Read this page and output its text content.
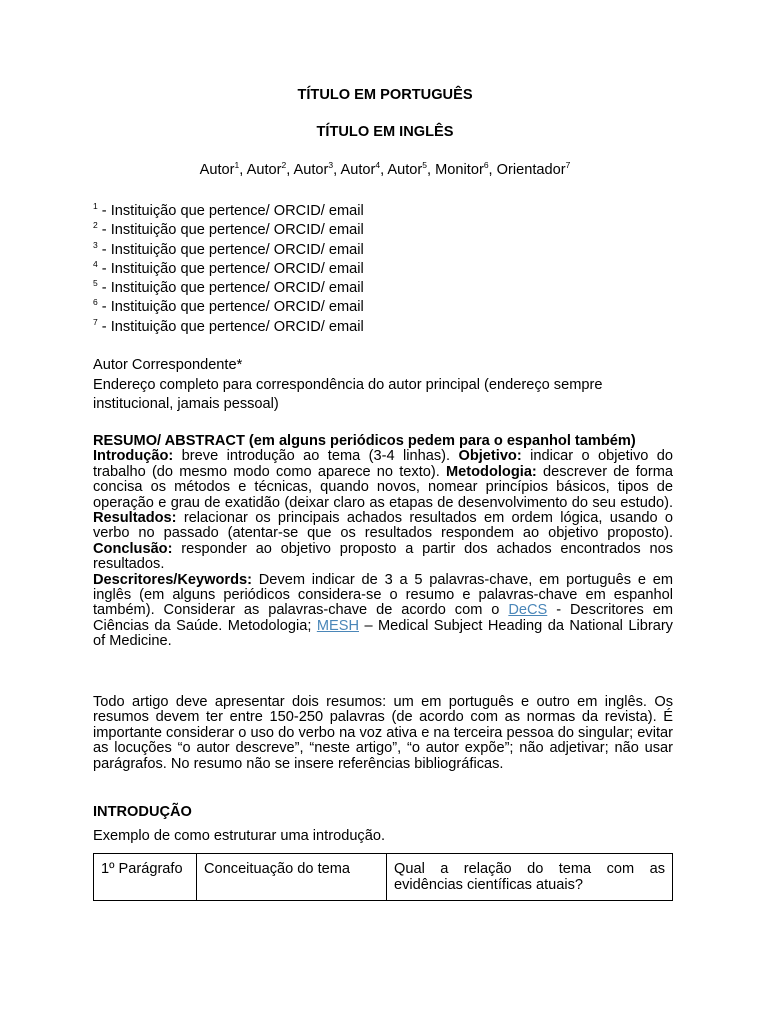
TÍTULO EM PORTUGUÊS
TÍTULO EM INGLÊS
Autor$^1$, Autor$^2$, Autor$^3$, Autor$^4$, Autor$^5$, Monitor$^6$, Orientador$^7$
$^1$ - Instituição que pertence/ ORCID/ email
$^2$ - Instituição que pertence/ ORCID/ email
$^3$ - Instituição que pertence/ ORCID/ email
$^4$ - Instituição que pertence/ ORCID/ email
$^5$ - Instituição que pertence/ ORCID/ email
$^6$ - Instituição que pertence/ ORCID/ email
$^7$ - Instituição que pertence/ ORCID/ email
Autor Correspondente*
Endereço completo para correspondência do autor principal (endereço sempre institucional, jamais pessoal)
RESUMO/ ABSTRACT (em alguns periódicos pedem para o espanhol também)
Introdução: breve introdução ao tema (3-4 linhas). Objetivo: indicar o objetivo do trabalho (do mesmo modo como aparece no texto). Metodologia: descrever de forma concisa os métodos e técnicas, quando novos, nomear princípios básicos, tipos de operação e grau de exatidão (deixar claro as etapas de desenvolvimento do seu estudo). Resultados: relacionar os principais achados resultados em ordem lógica, usando o verbo no passado (atentar-se que os resultados respondem ao objetivo proposto). Conclusão: responder ao objetivo proposto a partir dos achados encontrados nos resultados.
Descritores/Keywords: Devem indicar de 3 a 5 palavras-chave, em português e em inglês (em alguns periódicos considera-se o resumo e palavras-chave em espanhol também). Considerar as palavras-chave de acordo com o DeCS - Descritores em Ciências da Saúde. Metodologia; MESH – Medical Subject Heading da National Library of Medicine.
Todo artigo deve apresentar dois resumos: um em português e outro em inglês. Os resumos devem ter entre 150-250 palavras (de acordo com as normas da revista). É importante considerar o uso do verbo na voz ativa e na terceira pessoa do singular; evitar as locuções “o autor descreve”, “neste artigo”, “o autor expõe”; não adjetivar; não usar parágrafos. No resumo não se insere referências bibliográficas.
INTRODUÇÃO
Exemplo de como estruturar uma introdução.
1º Parágrafo	Conceituação do tema	Qual a relação do tema com as evidências científicas atuais?
